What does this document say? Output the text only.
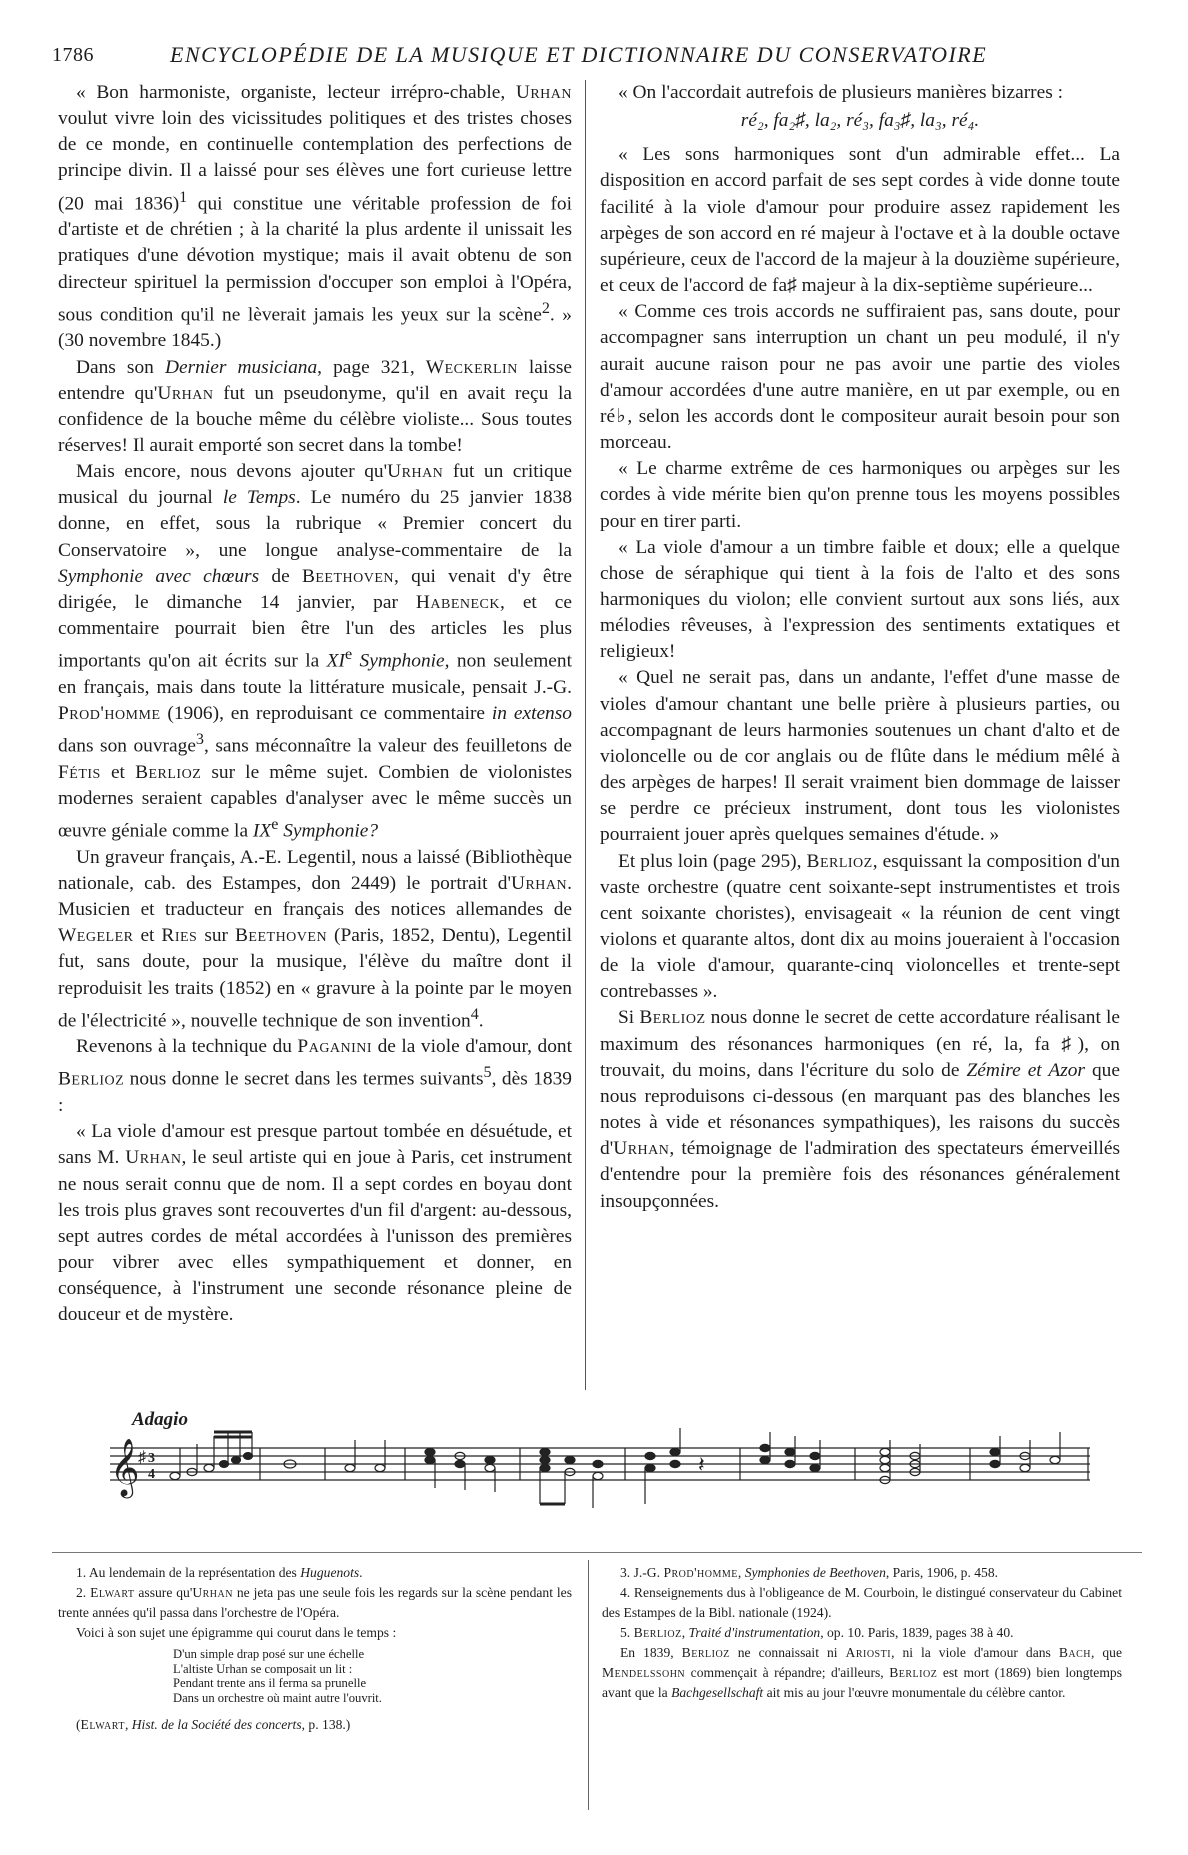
1786	ENCYCLOPÉDIE DE LA MUSIQUE ET DICTIONNAIRE DU CONSERVATOIRE

« Bon harmoniste, organiste, lecteur irrépro-chable, Urhan voulut vivre loin des vicissitudes politiques et des tristes choses de ce monde, en continuelle contemplation des perfections de principe divin. Il a laissé pour ses élèves une fort curieuse lettre (20 mai 1836)$^1$ qui constitue une véritable profession de foi d'artiste et de chrétien ; à la charité la plus ardente il unissait les pratiques d'une dévotion mystique; mais il avait obtenu de son directeur spirituel la permission d'occuper son emploi à l'Opéra, sous condition qu'il ne lèverait jamais les yeux sur la scène$^2$. » (30 novembre 1845.)

Dans son Dernier musiciana, page 321, Weckerlin laisse entendre qu'Urhan fut un pseudonyme, qu'il en avait reçu la confidence de la bouche même du célèbre violiste... Sous toutes réserves! Il aurait emporté son secret dans la tombe!

Mais encore, nous devons ajouter qu'Urhan fut un critique musical du journal le Temps. Le numéro du 25 janvier 1838 donne, en effet, sous la rubrique « Premier concert du Conservatoire », une longue analyse-commentaire de la Symphonie avec chœurs de Beethoven, qui venait d'y être dirigée, le dimanche 14 janvier, par Habeneck, et ce commentaire pourrait bien être l'un des articles les plus importants qu'on ait écrits sur la XIe Symphonie, non seulement en français, mais dans toute la littérature musicale, pensait J.-G. Prod'homme (1906), en reproduisant ce commentaire in extenso dans son ouvrage$^3$, sans méconnaître la valeur des feuilletons de Fétis et Berlioz sur le même sujet. Combien de violonistes modernes seraient capables d'analyser avec le même succès un œuvre géniale comme la IXe Symphonie?

Un graveur français, A.-E. Legentil, nous a laissé (Bibliothèque nationale, cab. des Estampes, don 2449) le portrait d'Urhan. Musicien et traducteur en français des notices allemandes de Wegeler et Ries sur Beethoven (Paris, 1852, Dentu), Legentil fut, sans doute, pour la musique, l'élève du maître dont il reproduisit les traits (1852) en « gravure à la pointe par le moyen de l'électricité », nouvelle technique de son invention$^4$.

Revenons à la technique du Paganini de la viole d'amour, dont Berlioz nous donne le secret dans les termes suivants$^5$, dès 1839 :

« La viole d'amour est presque partout tombée en désuétude, et sans M. Urhan, le seul artiste qui en joue à Paris, cet instrument ne nous serait connu que de nom. Il a sept cordes en boyau dont les trois plus graves sont recouvertes d'un fil d'argent: au-dessous, sept autres cordes de métal accordées à l'unisson des premières pour vibrer avec elles sympathiquement et donner, en conséquence, à l'instrument une seconde résonance pleine de douceur et de mystère.

« On l'accordait autrefois de plusieurs manières bizarres :

ré₂, fa₂♯, la₂, ré₃, fa₃♯, la₃, ré₄.

« Les sons harmoniques sont d'un admirable effet... La disposition en accord parfait de ses sept cordes à vide donne toute facilité à la viole d'amour pour produire assez rapidement les arpèges de son accord en ré majeur à l'octave et à la double octave supérieure, ceux de l'accord de la majeur à la douzième supérieure, et ceux de l'accord de fa♯ majeur à la dix-septième supérieure...

« Comme ces trois accords ne suffiraient pas, sans doute, pour accompagner sans interruption un chant un peu modulé, il n'y aurait aucune raison pour ne pas avoir une partie des violes d'amour accordées d'une autre manière, en ut par exemple, ou en ré♭, selon les accords dont le compositeur aurait besoin pour son morceau.

« Le charme extrême de ces harmoniques ou arpèges sur les cordes à vide mérite bien qu'on prenne tous les moyens possibles pour en tirer parti.

« La viole d'amour a un timbre faible et doux; elle a quelque chose de séraphique qui tient à la fois de l'alto et des sons harmoniques du violon; elle convient surtout aux sons liés, aux mélodies rêveuses, à l'expression des sentiments extatiques et religieux!

« Quel ne serait pas, dans un andante, l'effet d'une masse de violes d'amour chantant une belle prière à plusieurs parties, ou accompagnant de leurs harmonies soutenues un chant d'alto et de violoncelle ou de cor anglais ou de flûte dans le médium mêlé à des arpèges de harpes! Il serait vraiment bien dommage de laisser se perdre ce précieux instrument, dont tous les violonistes pourraient jouer après quelques semaines d'étude. »

Et plus loin (page 295), Berlioz, esquissant la composition d'un vaste orchestre (quatre cent soixante-sept instrumentistes et trois cent soixante choristes), envisageait « la réunion de cent vingt violons et quarante altos, dont dix au moins joueraient à l'occasion de la viole d'amour, quarante-cinq violoncelles et trente-sept contrebasses ».

Si Berlioz nous donne le secret de cette accordature réalisant le maximum des résonances harmoniques (en ré, la, fa ♯), on trouvait, du moins, dans l'écriture du solo de Zémire et Azor que nous reproduisons ci-dessous (en marquant pas des blanches les notes à vide et résonances sympathiques), les raisons du succès d'Urhan, témoignage de l'admiration des spectateurs émerveillés d'entendre pour la première fois des résonances généralement insoupçonnées.

Adagio
𝄞
♯ 3
4	𝄽

1. Au lendemain de la représentation des Huguenots.

2. Elwart assure qu'Urhan ne jeta pas une seule fois les regards sur la scène pendant les trente années qu'il passa dans l'orchestre de l'Opéra.

Voici à son sujet une épigramme qui courut dans le temps :

D'un simple drap posé sur une échelle
L'altiste Urhan se composait un lit :
Pendant trente ans il ferma sa prunelle
Dans un orchestre où maint autre l'ouvrit.

(Elwart, Hist. de la Société des concerts, p. 138.)

3. J.-G. Prod'homme, Symphonies de Beethoven, Paris, 1906, p. 458.

4. Renseignements dus à l'obligeance de M. Courboin, le distingué conservateur du Cabinet des Estampes de la Bibl. nationale (1924).

5. Berlioz, Traité d'instrumentation, op. 10. Paris, 1839, pages 38 à 40.

En 1839, Berlioz ne connaissait ni Ariosti, ni la viole d'amour dans Bach, que Mendelssohn commençait à répandre; d'ailleurs, Berlioz est mort (1869) bien longtemps avant que la Bachgesellschaft ait mis au jour l'œuvre monumentale du célèbre cantor.
